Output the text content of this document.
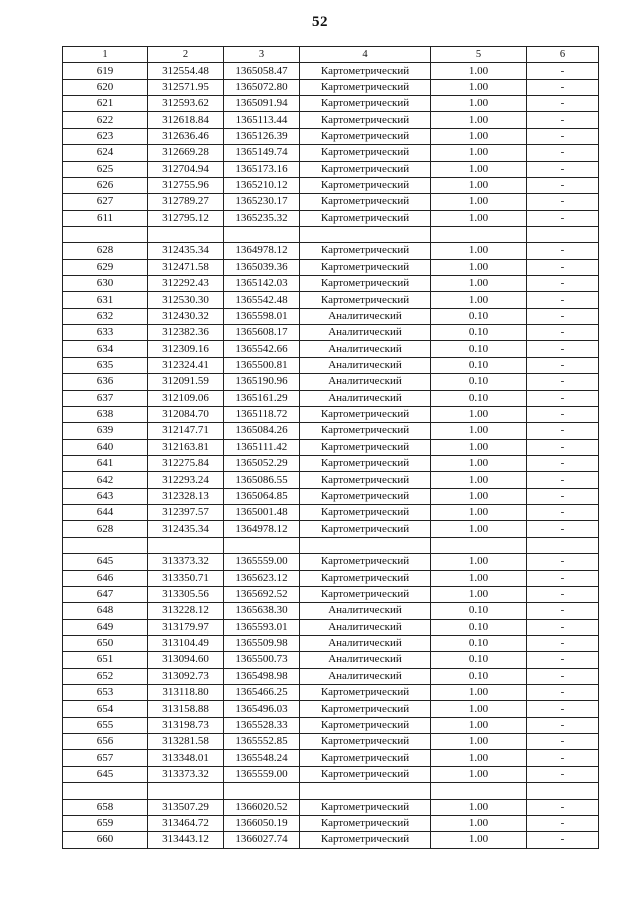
52
1	2	3	4	5	6
619	312554.48	1365058.47	Картометрический	1.00	-
620	312571.95	1365072.80	Картометрический	1.00	-
621	312593.62	1365091.94	Картометрический	1.00	-
622	312618.84	1365113.44	Картометрический	1.00	-
623	312636.46	1365126.39	Картометрический	1.00	-
624	312669.28	1365149.74	Картометрический	1.00	-
625	312704.94	1365173.16	Картометрический	1.00	-
626	312755.96	1365210.12	Картометрический	1.00	-
627	312789.27	1365230.17	Картометрический	1.00	-
611	312795.12	1365235.32	Картометрический	1.00	-

628	312435.34	1364978.12	Картометрический	1.00	-
629	312471.58	1365039.36	Картометрический	1.00	-
630	312292.43	1365142.03	Картометрический	1.00	-
631	312530.30	1365542.48	Картометрический	1.00	-
632	312430.32	1365598.01	Аналитический	0.10	-
633	312382.36	1365608.17	Аналитический	0.10	-
634	312309.16	1365542.66	Аналитический	0.10	-
635	312324.41	1365500.81	Аналитический	0.10	-
636	312091.59	1365190.96	Аналитический	0.10	-
637	312109.06	1365161.29	Аналитический	0.10	-
638	312084.70	1365118.72	Картометрический	1.00	-
639	312147.71	1365084.26	Картометрический	1.00	-
640	312163.81	1365111.42	Картометрический	1.00	-
641	312275.84	1365052.29	Картометрический	1.00	-
642	312293.24	1365086.55	Картометрический	1.00	-
643	312328.13	1365064.85	Картометрический	1.00	-
644	312397.57	1365001.48	Картометрический	1.00	-
628	312435.34	1364978.12	Картометрический	1.00	-

645	313373.32	1365559.00	Картометрический	1.00	-
646	313350.71	1365623.12	Картометрический	1.00	-
647	313305.56	1365692.52	Картометрический	1.00	-
648	313228.12	1365638.30	Аналитический	0.10	-
649	313179.97	1365593.01	Аналитический	0.10	-
650	313104.49	1365509.98	Аналитический	0.10	-
651	313094.60	1365500.73	Аналитический	0.10	-
652	313092.73	1365498.98	Аналитический	0.10	-
653	313118.80	1365466.25	Картометрический	1.00	-
654	313158.88	1365496.03	Картометрический	1.00	-
655	313198.73	1365528.33	Картометрический	1.00	-
656	313281.58	1365552.85	Картометрический	1.00	-
657	313348.01	1365548.24	Картометрический	1.00	-
645	313373.32	1365559.00	Картометрический	1.00	-

658	313507.29	1366020.52	Картометрический	1.00	-
659	313464.72	1366050.19	Картометрический	1.00	-
660	313443.12	1366027.74	Картометрический	1.00	-
